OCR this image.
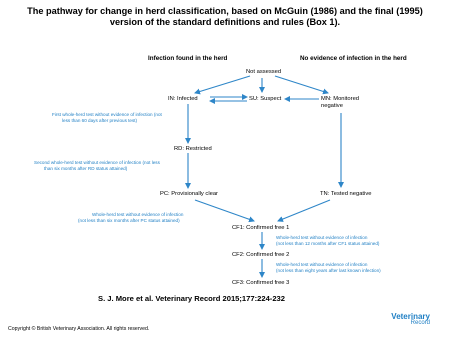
The pathway for change in herd classification, based on McGuin (1986) and the final (1995) version of the standard definitions and rules (Box 1).
Infection found in the herd	No evidence of infection in the herd
Not assessed
IN: Infected	SU: Suspect	MN: Monitored
negative
RD: Restricted
PC: Provisionally clear	TN: Tested negative
CF1: Confirmed free 1
CF2: Confirmed free 2
CF3: Confirmed free 3
First whole-herd test without evidence of infection (not
less than 60 days after previous test)
Second whole-herd test without evidence of infection (not less
than six months after RD status attained)
Whole-herd test without evidence of infection
(not less than six months after PC status attained)
Whole-herd test without evidence of infection
(not less than 12 months after CF1 status attained)
Whole-herd test without evidence of infection
(not less than eight years after last known infection)
S. J. More et al. Veterinary Record 2015;177:224-232
Copyright © British Veterinary Association. All rights reserved.
Veterinary
Record
